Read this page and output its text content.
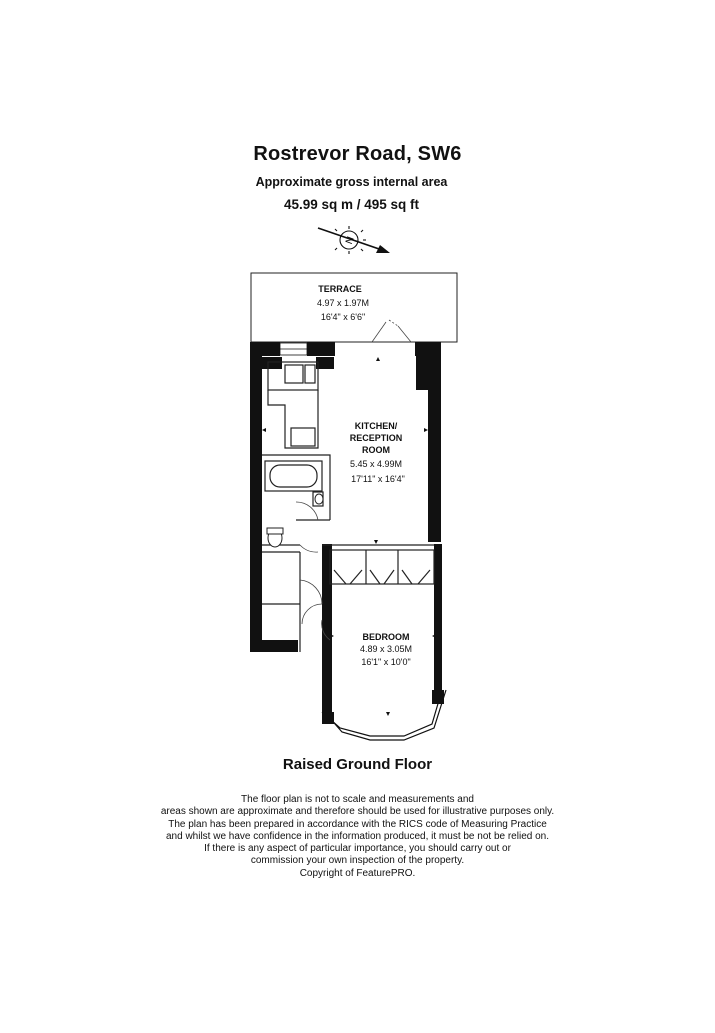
Rostrevor Road, SW6
Approximate gross internal area
45.99 sq m / 495 sq ft
N
TERRACE
4.97 x 1.97M
16'4" x 6'6"
KITCHEN/
RECEPTION
ROOM
5.45 x 4.99M
17'11" x 16'4"
BEDROOM
4.89 x 3.05M
16'1" x 10'0"
Raised Ground Floor
The floor plan is not to scale and measurements and
areas shown are approximate and therefore should be used for illustrative purposes only.
The plan has been prepared in accordance with the RICS code of Measuring Practice
and whilst we have confidence in the information produced, it must be not be relied on.
If there is any aspect of particular importance, you should carry out or
commission your own inspection of the property.
Copyright of FeaturePRO.
